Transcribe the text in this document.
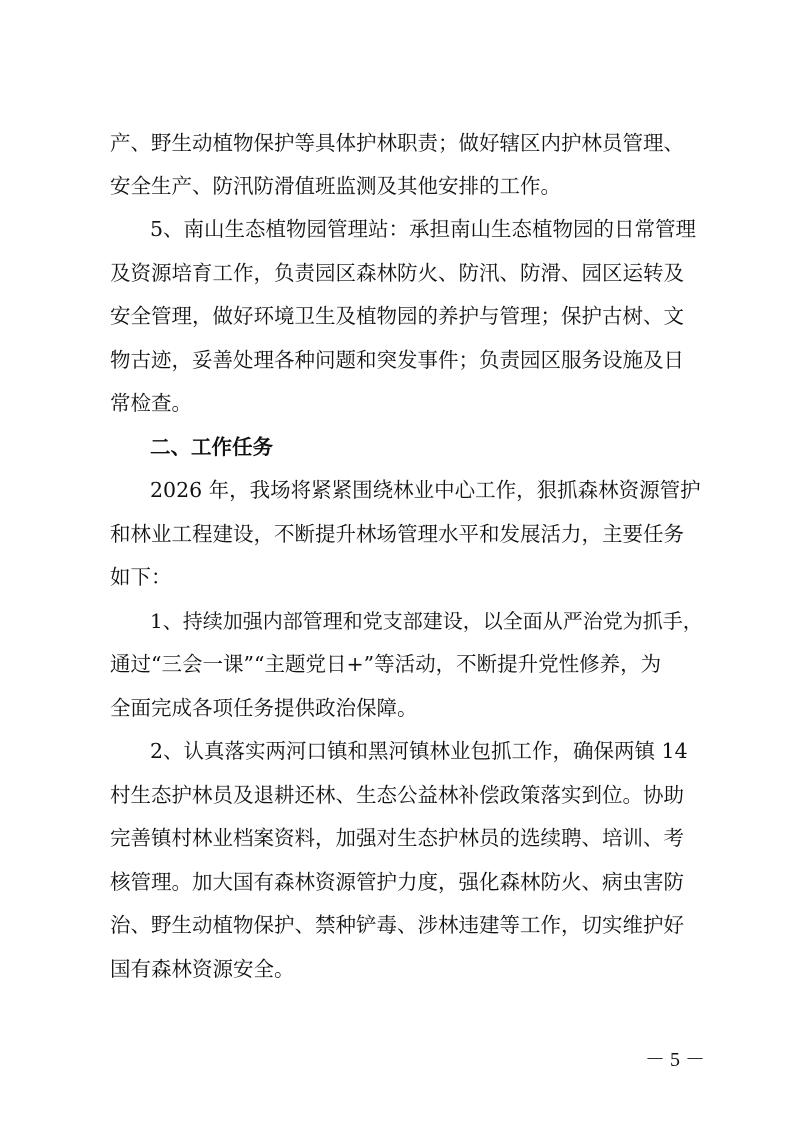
产、野生动植物保护等具体护林职责；做好辖区内护林员管理、
安全生产、防汛防滑值班监测及其他安排的工作。
5、南山生态植物园管理站：承担南山生态植物园的日常管理
及资源培育工作，负责园区森林防火、防汛、防滑、园区运转及
安全管理，做好环境卫生及植物园的养护与管理；保护古树、文
物古迹，妥善处理各种问题和突发事件；负责园区服务设施及日
常检查。
二、工作任务
2026 年，我场将紧紧围绕林业中心工作，狠抓森林资源管护
和林业工程建设，不断提升林场管理水平和发展活力，主要任务
如下：
1、持续加强内部管理和党支部建设，以全面从严治党为抓手，
通过“三会一课”“主题党日+”等活动，不断提升党性修养，为
全面完成各项任务提供政治保障。
2、认真落实两河口镇和黑河镇林业包抓工作，确保两镇 14
村生态护林员及退耕还林、生态公益林补偿政策落实到位。协助
完善镇村林业档案资料，加强对生态护林员的选续聘、培训、考
核管理。加大国有森林资源管护力度，强化森林防火、病虫害防
治、野生动植物保护、禁种铲毒、涉林违建等工作，切实维护好
国有森林资源安全。
－ 5 －
